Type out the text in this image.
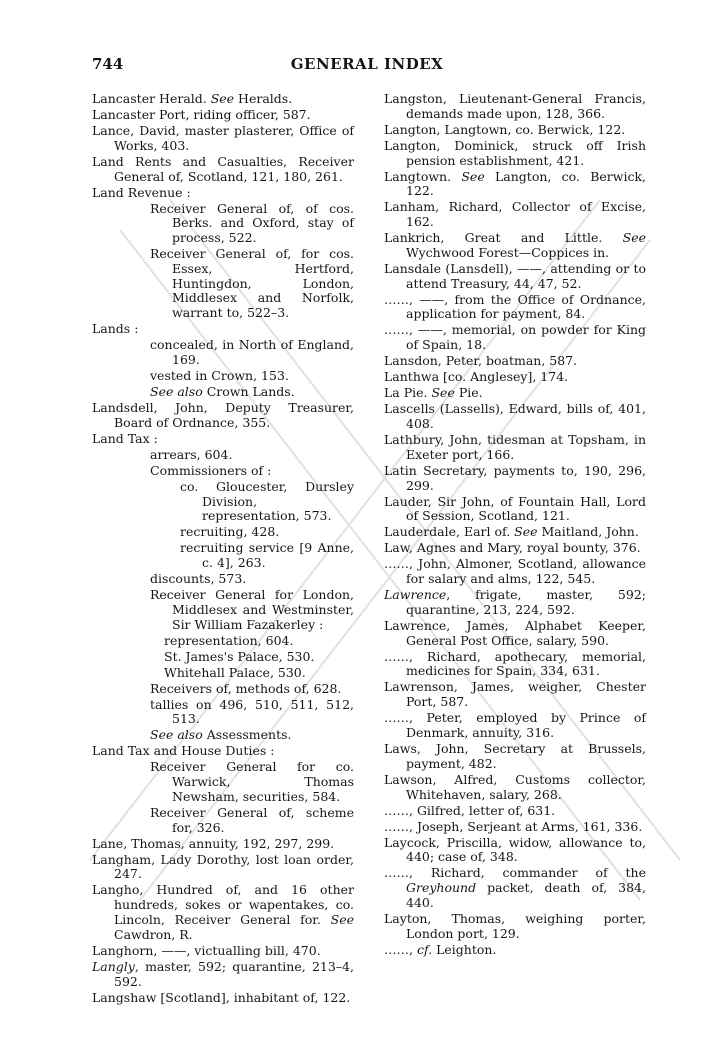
744	GENERAL INDEX

Lancaster Herald. See Heralds.

Lancaster Port, riding officer, 587.

Lance, David, master plasterer, Office of Works, 403.

Land Rents and Casualties, Receiver General of, Scotland, 121, 180, 261.

Land Revenue :

Receiver General of, of cos. Berks. and Oxford, stay of process, 522.

Receiver General of, for cos. Essex, Hertford, Huntingdon, London, Middlesex and Norfolk, warrant to, 522–3.

Lands :

concealed, in North of England, 169.

vested in Crown, 153.

See also Crown Lands.

Landsdell, John, Deputy Treasurer, Board of Ordnance, 355.

Land Tax :

arrears, 604.

Commissioners of :

co. Gloucester, Dursley Division, representation, 573.

recruiting, 428.

recruiting service [9 Anne, c. 4], 263.

discounts, 573.

Receiver General for London, Middlesex and Westminster, Sir William Fazakerley :

representation, 604.

St. James's Palace, 530.

Whitehall Palace, 530.

Receivers of, methods of, 628.

tallies on 496, 510, 511, 512, 513.

See also Assessments.

Land Tax and House Duties :

Receiver General for co. Warwick, Thomas Newsham, securities, 584.

Receiver General of, scheme for, 326.

Lane, Thomas, annuity, 192, 297, 299.

Langham, Lady Dorothy, lost loan order, 247.

Langho, Hundred of, and 16 other hundreds, sokes or wapentakes, co. Lincoln, Receiver General for. See Cawdron, R.

Langhorn, ——, victualling bill, 470.

Langly, master, 592; quarantine, 213–4, 592.

Langshaw [Scotland], inhabitant of, 122.

Langston, Lieutenant-General Francis, demands made upon, 128, 366.

Langton, Langtown, co. Berwick, 122.

Langton, Dominick, struck off Irish pension establishment, 421.

Langtown. See Langton, co. Berwick, 122.

Lanham, Richard, Collector of Excise, 162.

Lankrich, Great and Little. See Wychwood Forest—Coppices in.

Lansdale (Lansdell), ——, attending or to attend Treasury, 44, 47, 52.

……, ——, from the Office of Ordnance, application for payment, 84.

……, ——, memorial, on powder for King of Spain, 18.

Lansdon, Peter, boatman, 587.

Lanthwa [co. Anglesey], 174.

La Pie. See Pie.

Lascells (Lassells), Edward, bills of, 401, 408.

Lathbury, John, tidesman at Topsham, in Exeter port, 166.

Latin Secretary, payments to, 190, 296, 299.

Lauder, Sir John, of Fountain Hall, Lord of Session, Scotland, 121.

Lauderdale, Earl of. See Maitland, John.

Law, Agnes and Mary, royal bounty, 376.

……, John, Almoner, Scotland, allowance for salary and alms, 122, 545.

Lawrence, frigate, master, 592; quarantine, 213, 224, 592.

Lawrence, James, Alphabet Keeper, General Post Office, salary, 590.

……, Richard, apothecary, memorial, medicines for Spain, 334, 631.

Lawrenson, James, weigher, Chester Port, 587.

……, Peter, employed by Prince of Denmark, annuity, 316.

Laws, John, Secretary at Brussels, payment, 482.

Lawson, Alfred, Customs collector, Whitehaven, salary, 268.

……, Gilfred, letter of, 631.

……, Joseph, Serjeant at Arms, 161, 336.

Laycock, Priscilla, widow, allowance to, 440; case of, 348.

……, Richard, commander of the Greyhound packet, death of, 384, 440.

Layton, Thomas, weighing porter, London port, 129.

……, cf. Leighton.
